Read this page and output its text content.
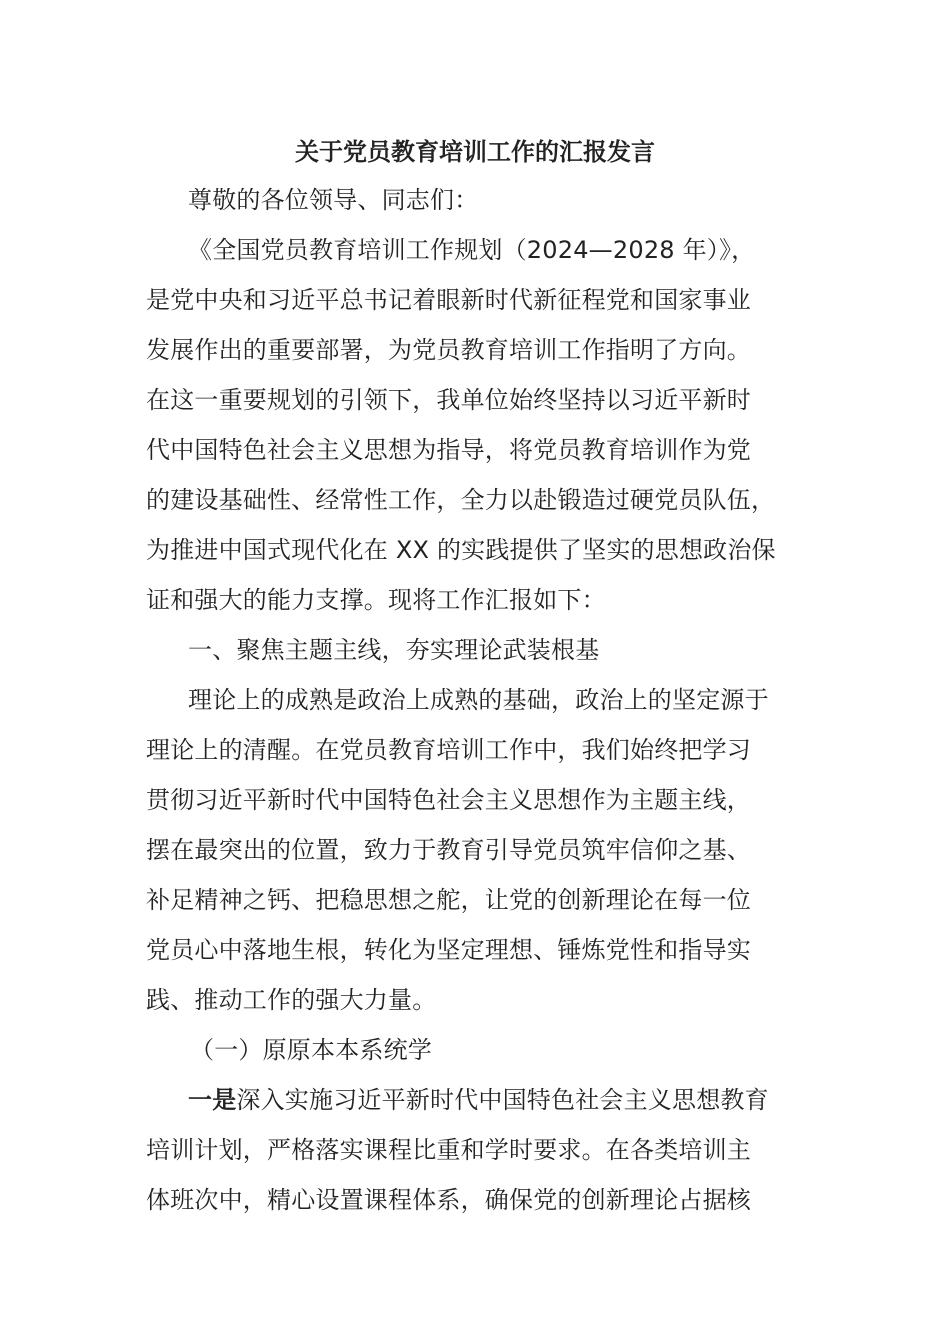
关于党员教育培训工作的汇报发言
尊敬的各位领导、同志们：
《全国党员教育培训工作规划（2024—2028 年）》，
是党中央和习近平总书记着眼新时代新征程党和国家事业
发展作出的重要部署，为党员教育培训工作指明了方向。
在这一重要规划的引领下，我单位始终坚持以习近平新时
代中国特色社会主义思想为指导，将党员教育培训作为党
的建设基础性、经常性工作，全力以赴锻造过硬党员队伍，
为推进中国式现代化在 XX 的实践提供了坚实的思想政治保
证和强大的能力支撑。现将工作汇报如下：
一、聚焦主题主线，夯实理论武装根基
理论上的成熟是政治上成熟的基础，政治上的坚定源于
理论上的清醒。在党员教育培训工作中，我们始终把学习
贯彻习近平新时代中国特色社会主义思想作为主题主线，
摆在最突出的位置，致力于教育引导党员筑牢信仰之基、
补足精神之钙、把稳思想之舵，让党的创新理论在每一位
党员心中落地生根，转化为坚定理想、锤炼党性和指导实
践、推动工作的强大力量。
（一）原原本本系统学
一是深入实施习近平新时代中国特色社会主义思想教育
培训计划，严格落实课程比重和学时要求。在各类培训主
体班次中，精心设置课程体系，确保党的创新理论占据核
